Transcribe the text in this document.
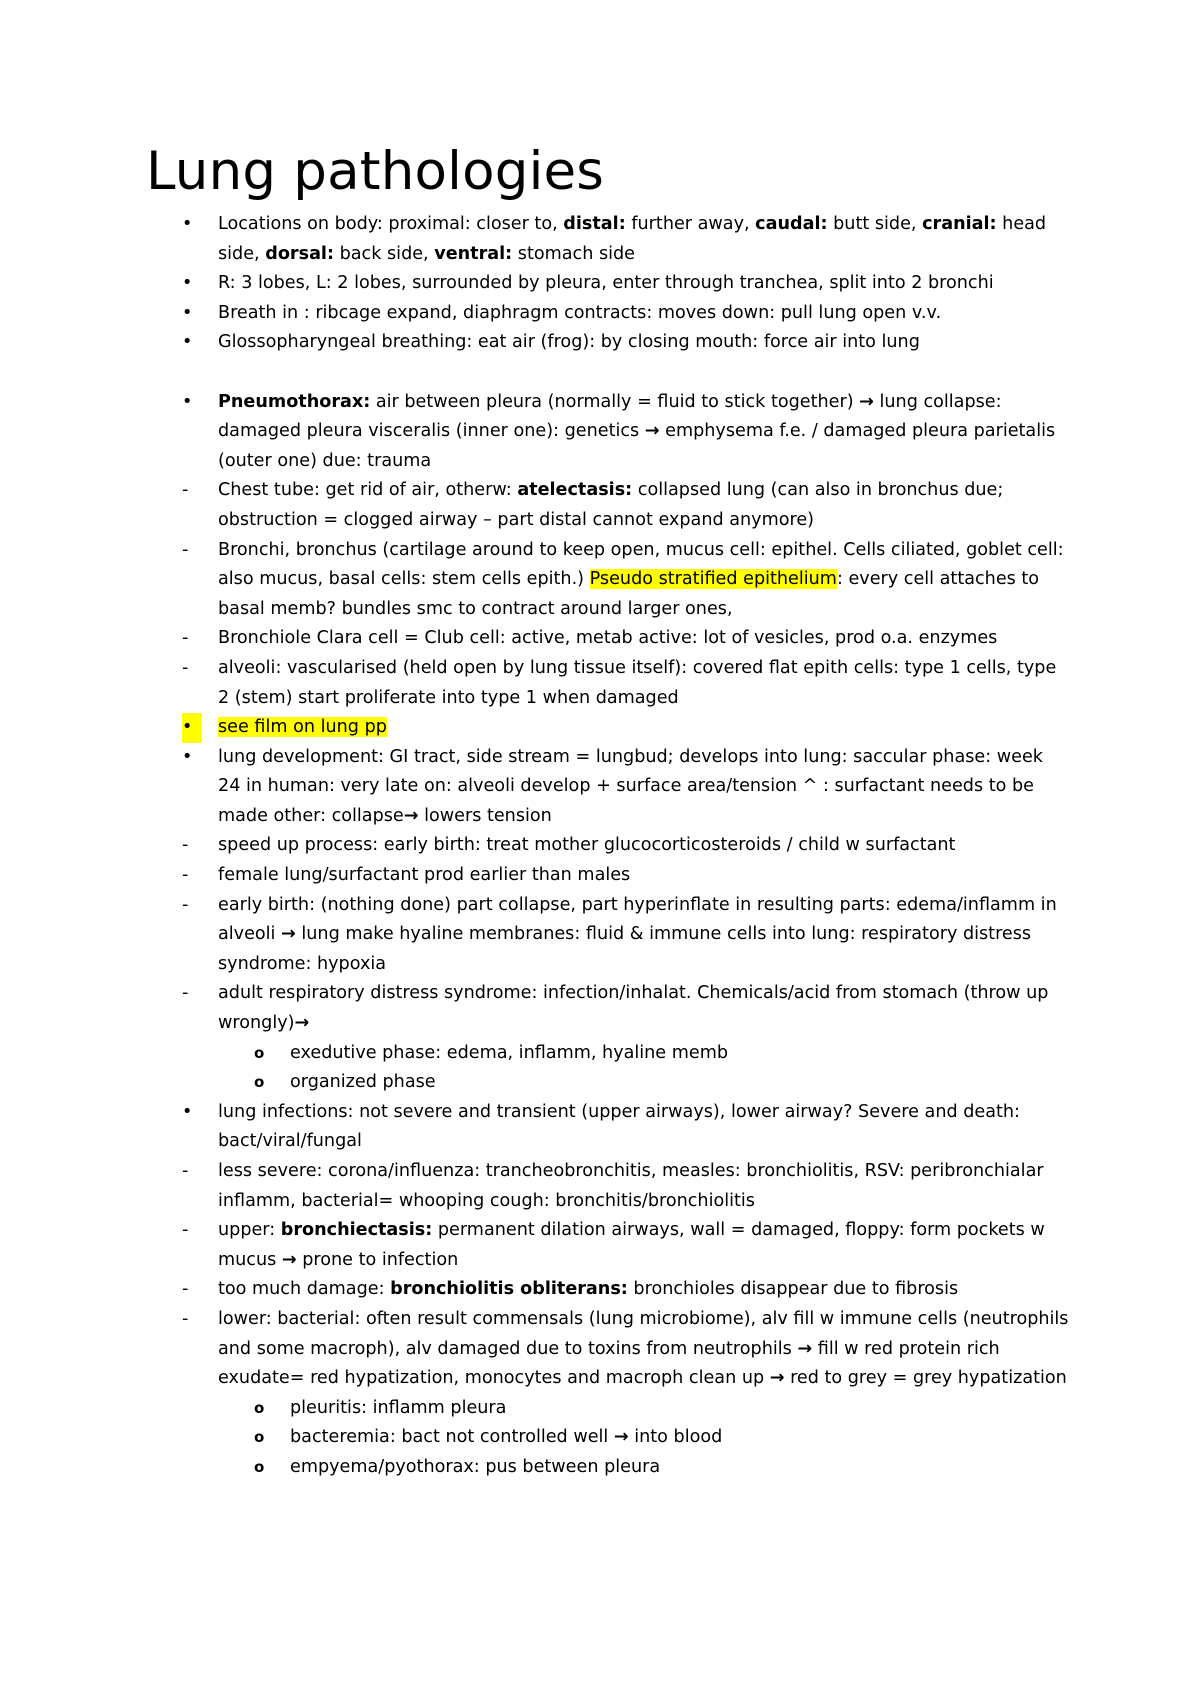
Lung pathologies
•	Locations on body: proximal: closer to, distal: further away, caudal: butt side, cranial: head side, dorsal: back side, ventral: stomach side
•	R: 3 lobes, L: 2 lobes, surrounded by pleura, enter through tranchea, split into 2 bronchi
•	Breath in : ribcage expand, diaphragm contracts: moves down: pull lung open v.v.
•	Glossopharyngeal breathing: eat air (frog): by closing mouth: force air into lung
•	Pneumothorax: air between pleura (normally = fluid to stick together) → lung collapse: damaged pleura visceralis (inner one): genetics → emphysema f.e. / damaged pleura parietalis (outer one) due: trauma
-	Chest tube: get rid of air, otherw: atelectasis: collapsed lung (can also in bronchus due; obstruction = clogged airway – part distal cannot expand anymore)
-	Bronchi, bronchus (cartilage around to keep open, mucus cell: epithel. Cells ciliated, goblet cell: also mucus, basal cells: stem cells epith.) Pseudo stratified epithelium: every cell attaches to basal memb? bundles smc to contract around larger ones,
-	Bronchiole Clara cell = Club cell: active, metab active: lot of vesicles, prod o.a. enzymes
-	alveoli: vascularised (held open by lung tissue itself): covered flat epith cells: type 1 cells, type 2 (stem) start proliferate into type 1 when damaged
•	see film on lung pp
•	lung development: GI tract, side stream = lungbud; develops into lung: saccular phase: week 24 in human: very late on: alveoli develop + surface area/tension ^ : surfactant needs to be made other: collapse→ lowers tension
-	speed up process: early birth: treat mother glucocorticosteroids / child w surfactant
-	female lung/surfactant prod earlier than males
-	early birth: (nothing done) part collapse, part hyperinflate in resulting parts: edema/inflamm in alveoli → lung make hyaline membranes: fluid & immune cells into lung: respiratory distress syndrome: hypoxia
-	adult respiratory distress syndrome: infection/inhalat. Chemicals/acid from stomach (throw up wrongly)→
o	exedutive phase: edema, inflamm, hyaline memb
o	organized phase
•	lung infections: not severe and transient (upper airways), lower airway? Severe and death: bact/viral/fungal
-	less severe: corona/influenza: trancheobronchitis, measles: bronchiolitis, RSV: peribronchialar inflamm, bacterial= whooping cough: bronchitis/bronchiolitis
-	upper: bronchiectasis: permanent dilation airways, wall = damaged, floppy: form pockets w mucus → prone to infection
-	too much damage: bronchiolitis obliterans: bronchioles disappear due to fibrosis
-	lower: bacterial: often result commensals (lung microbiome), alv fill w immune cells (neutrophils and some macroph), alv damaged due to toxins from neutrophils → fill w red protein rich exudate= red hypatization, monocytes and macroph clean up → red to grey = grey hypatization
o	pleuritis: inflamm pleura
o	bacteremia: bact not controlled well → into blood
o	empyema/pyothorax: pus between pleura
